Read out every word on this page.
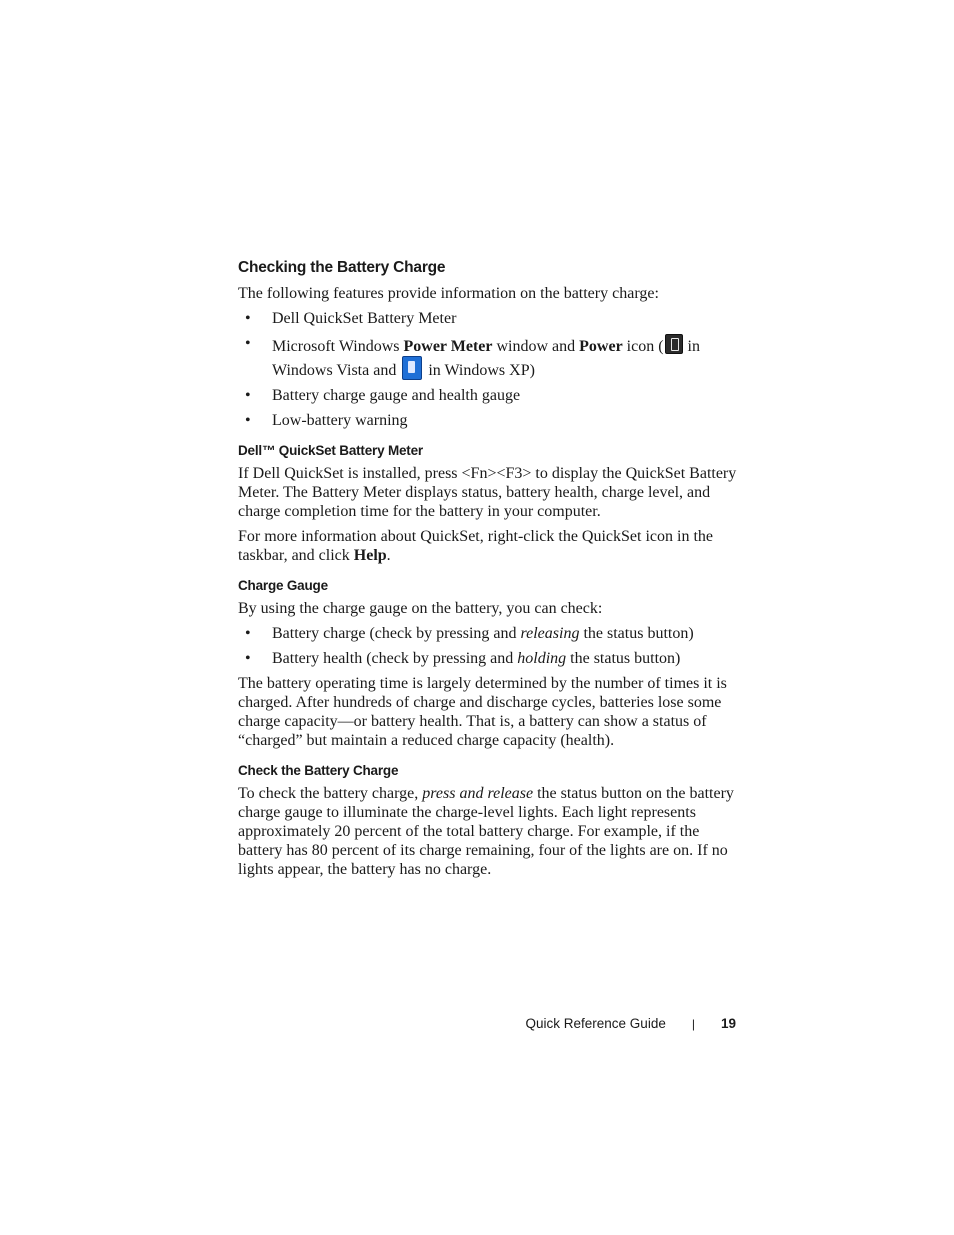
Checking the Battery Charge

The following features provide information on the battery charge:

• Dell QuickSet Battery Meter
• Microsoft Windows Power Meter window and Power icon ( in Windows Vista and  in Windows XP)
• Battery charge gauge and health gauge
• Low-battery warning
Dell™ QuickSet Battery Meter

If Dell QuickSet is installed, press <Fn><F3> to display the QuickSet Battery Meter. The Battery Meter displays status, battery health, charge level, and charge completion time for the battery in your computer.

For more information about QuickSet, right-click the QuickSet icon in the taskbar, and click Help.

Charge Gauge

By using the charge gauge on the battery, you can check:

• Battery charge (check by pressing and releasing the status button)
• Battery health (check by pressing and holding the status button)

The battery operating time is largely determined by the number of times it is charged. After hundreds of charge and discharge cycles, batteries lose some charge capacity—or battery health. That is, a battery can show a status of “charged” but maintain a reduced charge capacity (health).

Check the Battery Charge

To check the battery charge, press and release the status button on the battery charge gauge to illuminate the charge-level lights. Each light represents approximately 20 percent of the total battery charge. For example, if the battery has 80 percent of its charge remaining, four of the lights are on. If no lights appear, the battery has no charge.

Quick Reference Guide | 19
